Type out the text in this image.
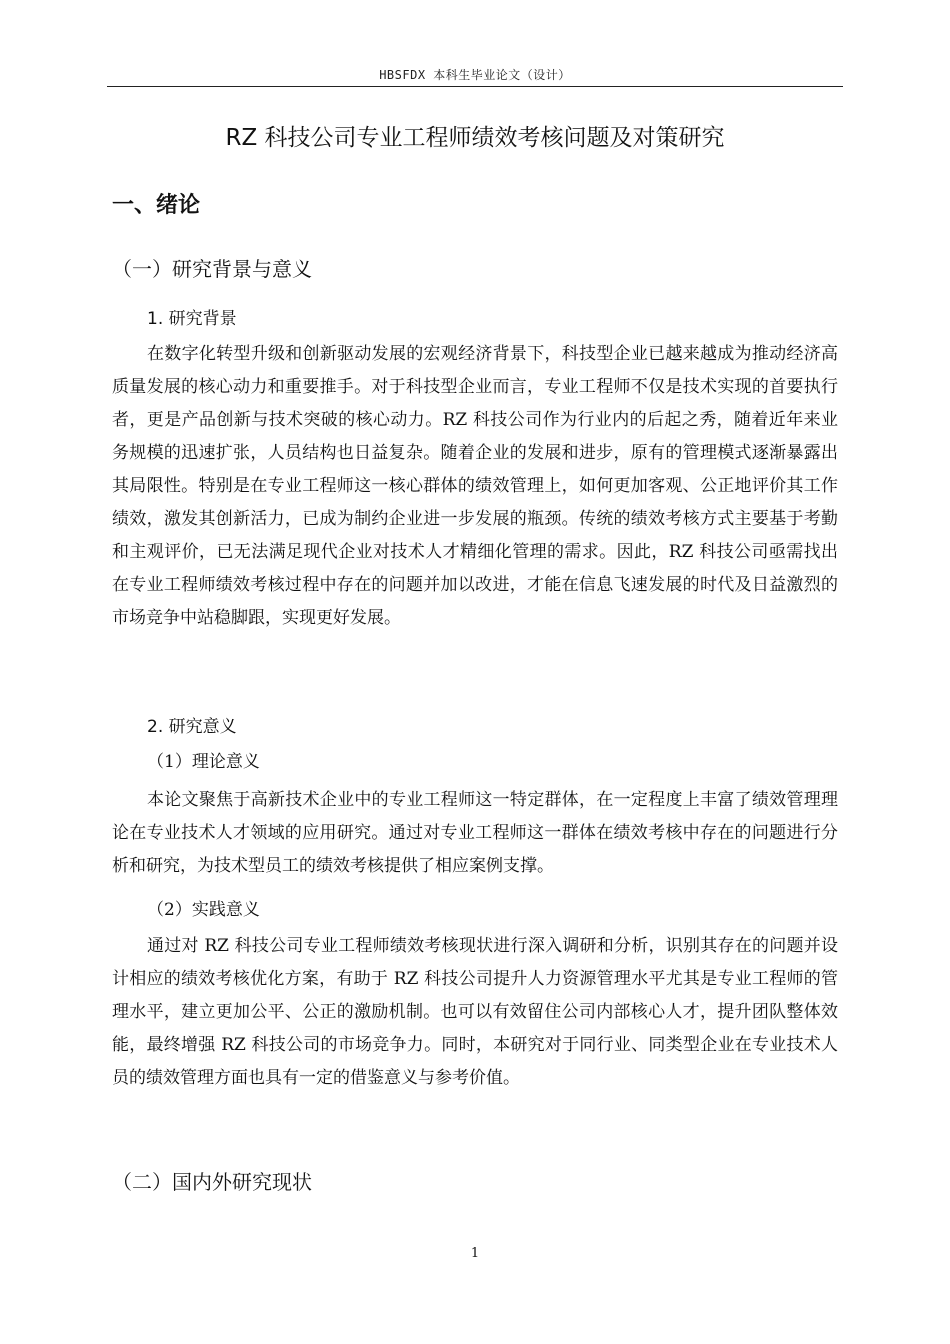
HBSFDX 本科生毕业论文（设计）
RZ 科技公司专业工程师绩效考核问题及对策研究
一、绪论
（一）研究背景与意义
1. 研究背景
在数字化转型升级和创新驱动发展的宏观经济背景下，科技型企业已越来越成为推动经济高质量发展的核心动力和重要推手。对于科技型企业而言，专业工程师不仅是技术实现的首要执行者，更是产品创新与技术突破的核心动力。RZ 科技公司作为行业内的后起之秀，随着近年来业务规模的迅速扩张，人员结构也日益复杂。随着企业的发展和进步，原有的管理模式逐渐暴露出其局限性。特别是在专业工程师这一核心群体的绩效管理上，如何更加客观、公正地评价其工作绩效，激发其创新活力，已成为制约企业进一步发展的瓶颈。传统的绩效考核方式主要基于考勤和主观评价，已无法满足现代企业对技术人才精细化管理的需求。因此，RZ 科技公司亟需找出在专业工程师绩效考核过程中存在的问题并加以改进，才能在信息飞速发展的时代及日益激烈的市场竞争中站稳脚跟，实现更好发展。
2. 研究意义
（1）理论意义
本论文聚焦于高新技术企业中的专业工程师这一特定群体，在一定程度上丰富了绩效管理理论在专业技术人才领域的应用研究。通过对专业工程师这一群体在绩效考核中存在的问题进行分析和研究，为技术型员工的绩效考核提供了相应案例支撑。
（2）实践意义
通过对 RZ 科技公司专业工程师绩效考核现状进行深入调研和分析，识别其存在的问题并设计相应的绩效考核优化方案，有助于 RZ 科技公司提升人力资源管理水平尤其是专业工程师的管理水平，建立更加公平、公正的激励机制。也可以有效留住公司内部核心人才，提升团队整体效能，最终增强 RZ 科技公司的市场竞争力。同时，本研究对于同行业、同类型企业在专业技术人员的绩效管理方面也具有一定的借鉴意义与参考价值。
（二）国内外研究现状
1
